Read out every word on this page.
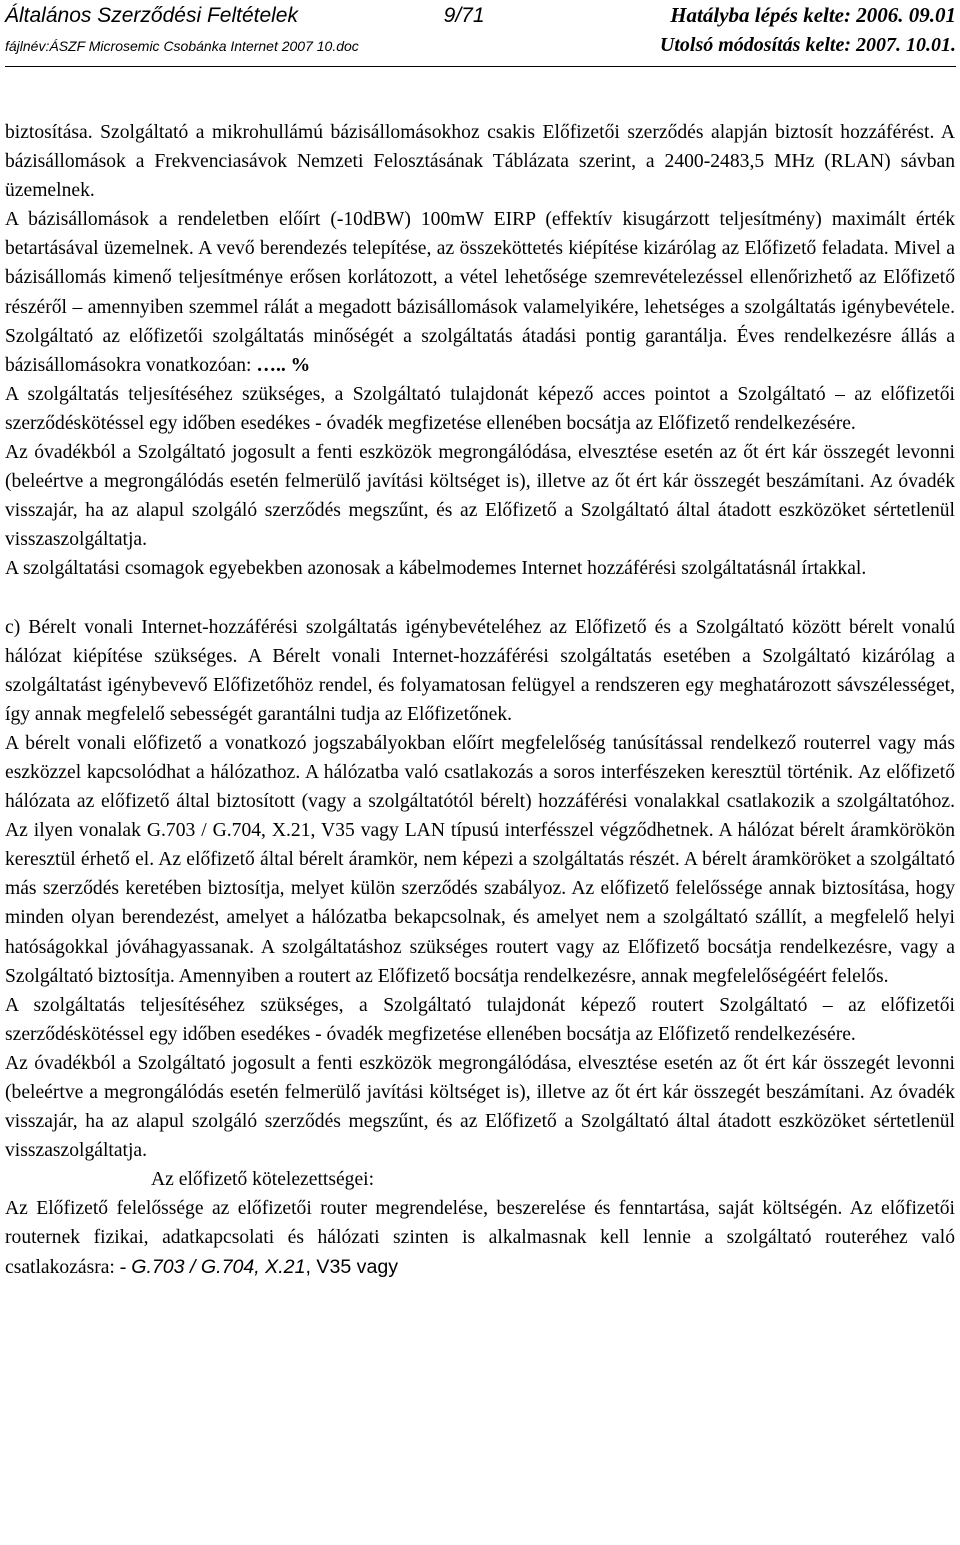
Általános Szerződési Feltételek	9/71	Hatályba lépés kelte: 2006. 09.01
fájlnév:ÁSZF Microsemic Csobánka Internet 2007 10.doc	Utolsó módosítás kelte: 2007. 10.01.

biztosítása. Szolgáltató a mikrohullámú bázisállomásokhoz csakis Előfizetői szerződés alapján biztosít hozzáférést. A bázisállomások a Frekvenciasávok Nemzeti Felosztásának Táblázata szerint, a 2400-2483,5 MHz (RLAN) sávban üzemelnek.

A bázisállomások a rendeletben előírt (-10dBW) 100mW EIRP (effektív kisugárzott teljesítmény) maximált érték betartásával üzemelnek. A vevő berendezés telepítése, az összeköttetés kiépítése kizárólag az Előfizető feladata. Mivel a bázisállomás kimenő teljesítménye erősen korlátozott, a vétel lehetősége szemrevételezéssel ellenőrizhető az Előfizető részéről – amennyiben szemmel rálát a megadott bázisállomások valamelyikére, lehetséges a szolgáltatás igénybevétele. Szolgáltató az előfizetői szolgáltatás minőségét a szolgáltatás átadási pontig garantálja. Éves rendelkezésre állás a bázisállomásokra vonatkozóan: ….. %

A szolgáltatás teljesítéséhez szükséges, a Szolgáltató tulajdonát képező acces pointot a Szolgáltató – az előfizetői szerződéskötéssel egy időben esedékes - óvadék megfizetése ellenében bocsátja az Előfizető rendelkezésére.

Az óvadékból a Szolgáltató jogosult a fenti eszközök megrongálódása, elvesztése esetén az őt ért kár összegét levonni (beleértve a megrongálódás esetén felmerülő javítási költséget is), illetve az őt ért kár összegét beszámítani. Az óvadék visszajár, ha az alapul szolgáló szerződés megszűnt, és az Előfizető a Szolgáltató által átadott eszközöket sértetlenül visszaszolgáltatja.

A szolgáltatási csomagok egyebekben azonosak a kábelmodemes Internet hozzáférési szolgáltatásnál írtakkal.

c) Bérelt vonali Internet-hozzáférési szolgáltatás igénybevételéhez az Előfizető és a Szolgáltató között bérelt vonalú hálózat kiépítése szükséges. A Bérelt vonali Internet-hozzáférési szolgáltatás esetében a Szolgáltató kizárólag a szolgáltatást igénybevevő Előfizetőhöz rendel, és folyamatosan felügyel a rendszeren egy meghatározott sávszélességet, így annak megfelelő sebességét garantálni tudja az Előfizetőnek.

A bérelt vonali előfizető a vonatkozó jogszabályokban előírt megfelelőség tanúsítással rendelkező routerrel vagy más eszközzel kapcsolódhat a hálózathoz. A hálózatba való csatlakozás a soros interfészeken keresztül történik. Az előfizető hálózata az előfizető által biztosított (vagy a szolgáltatótól bérelt) hozzáférési vonalakkal csatlakozik a szolgáltatóhoz. Az ilyen vonalak G.703 / G.704, X.21, V35 vagy LAN típusú interfésszel végződhetnek. A hálózat bérelt áramkörökön keresztül érhető el. Az előfizető által bérelt áramkör, nem képezi a szolgáltatás részét. A bérelt áramköröket a szolgáltató más szerződés keretében biztosítja, melyet külön szerződés szabályoz. Az előfizető felelőssége annak biztosítása, hogy minden olyan berendezést, amelyet a hálózatba bekapcsolnak, és amelyet nem a szolgáltató szállít, a megfelelő helyi hatóságokkal jóváhagyassanak. A szolgáltatáshoz szükséges routert vagy az Előfizető bocsátja rendelkezésre, vagy a Szolgáltató biztosítja. Amennyiben a routert az Előfizető bocsátja rendelkezésre, annak megfelelőségéért felelős.

A szolgáltatás teljesítéséhez szükséges, a Szolgáltató tulajdonát képező routert Szolgáltató – az előfizetői szerződéskötéssel egy időben esedékes - óvadék megfizetése ellenében bocsátja az Előfizető rendelkezésére.

Az óvadékból a Szolgáltató jogosult a fenti eszközök megrongálódása, elvesztése esetén az őt ért kár összegét levonni (beleértve a megrongálódás esetén felmerülő javítási költséget is), illetve az őt ért kár összegét beszámítani. Az óvadék visszajár, ha az alapul szolgáló szerződés megszűnt, és az Előfizető a Szolgáltató által átadott eszközöket sértetlenül visszaszolgáltatja.

Az előfizető kötelezettségei:

Az Előfizető felelőssége az előfizetői router megrendelése, beszerelése és fenntartása, saját költségén. Az előfizetői routernek fizikai, adatkapcsolati és hálózati szinten is alkalmasnak kell lennie a szolgáltató routeréhez való csatlakozásra: - G.703 / G.704, X.21, V35 vagy
